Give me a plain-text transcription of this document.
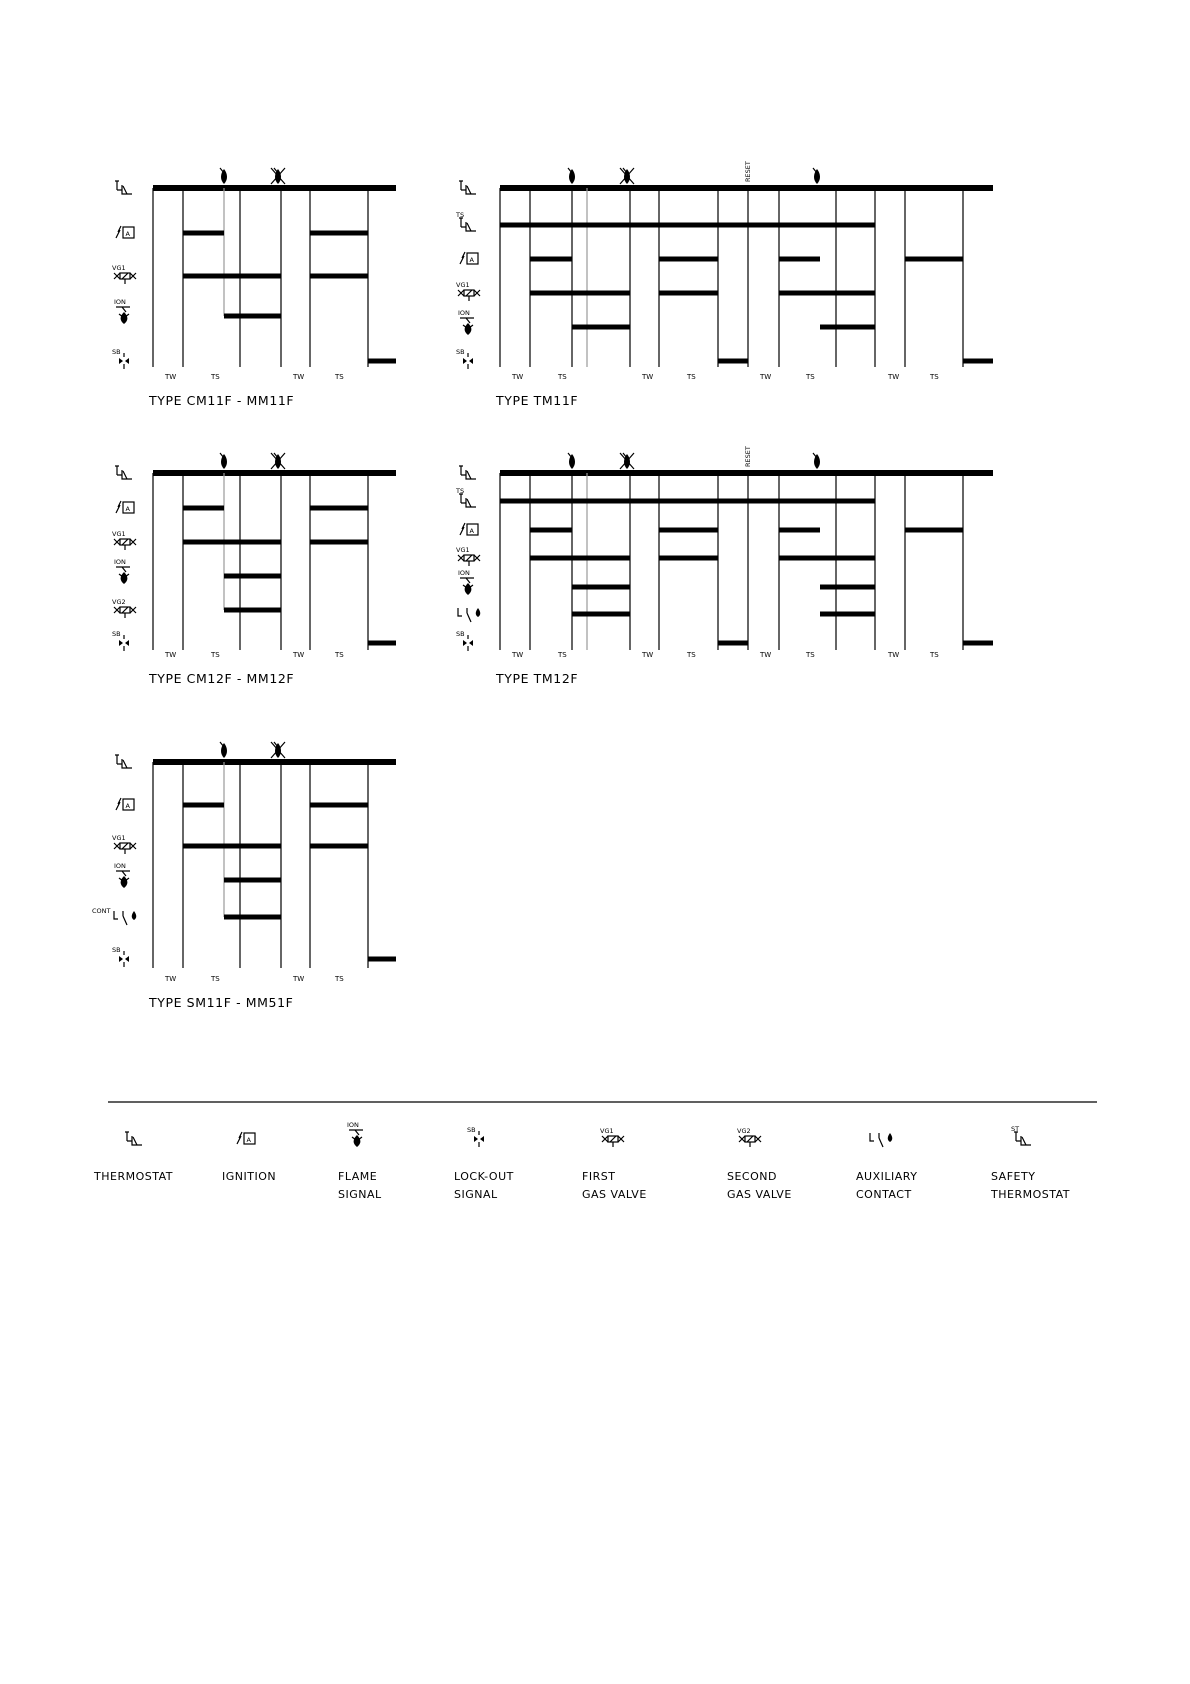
A
VG1
ION
SB
TW	TS	TW	TS
TYPE CM11F - MM11F
TS
A
VG1
ION
SB
RESET
TW	TS	TW	TS	TW	TS	TW	TS
TYPE TM11F
A
VG1
ION
VG2
SB
TW	TS	TW	TS
TYPE CM12F - MM12F
TS
A
VG1
ION
SB
RESET
TW	TS	TW	TS	TW	TS	TW	TS
TYPE TM12F
A
VG1
ION
CONT
SB
TW	TS	TW	TS
TYPE SM11F - MM51F
THERMOSTAT
A
IGNITION
ION
FLAME
SIGNAL
SB
LOCK-OUT
SIGNAL
VG1
FIRST
GAS VALVE
VG2
SECOND
GAS VALVE
AUXILIARY
CONTACT
ST
SAFETY
THERMOSTAT
